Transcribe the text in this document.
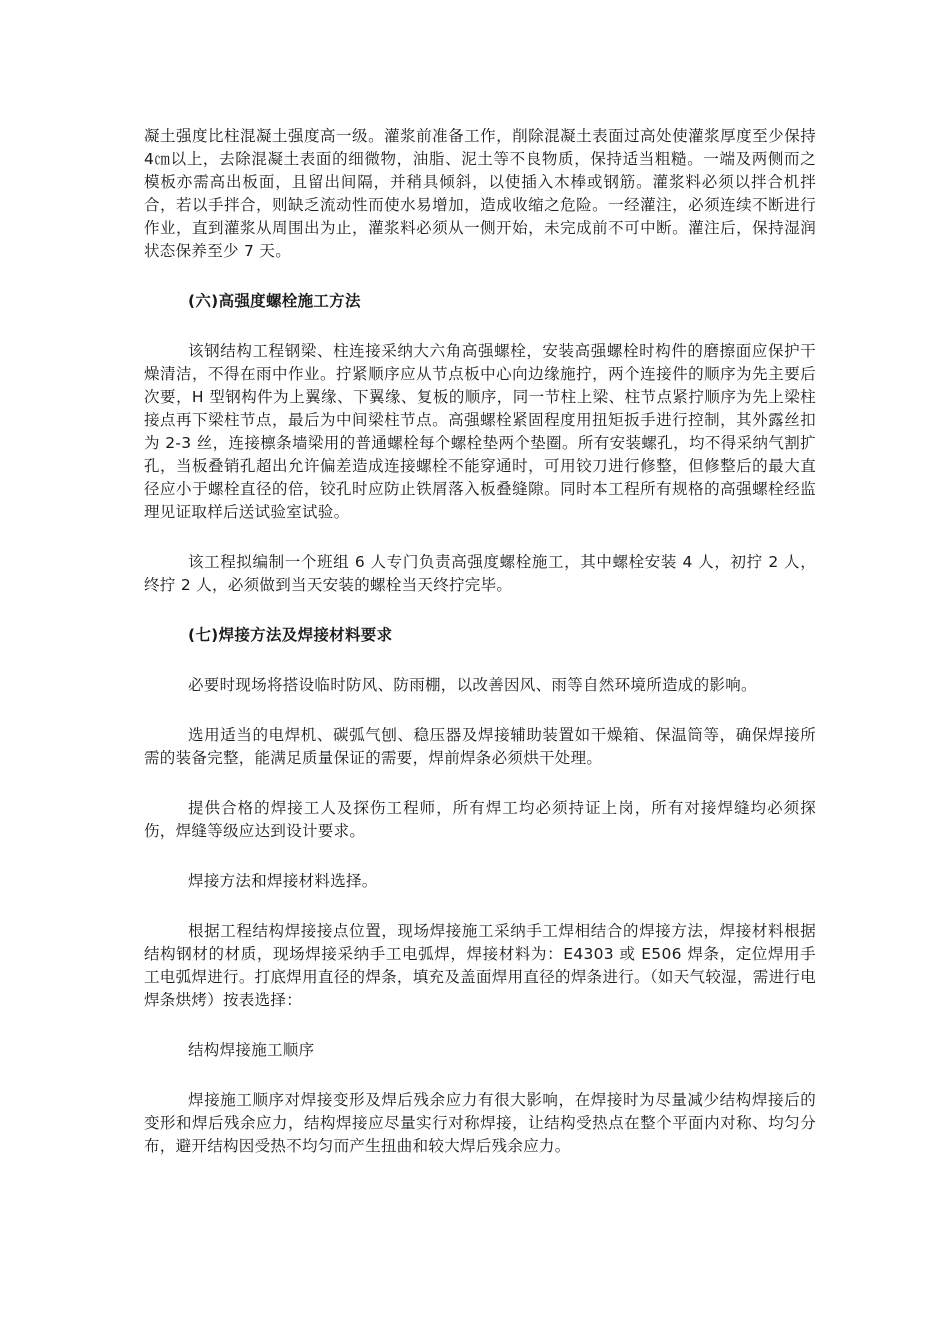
凝土强度比柱混凝土强度高一级。灌浆前准备工作，削除混凝土表面过高处使灌浆厚度至少保持 4㎝以上，去除混凝土表面的细微物，油脂、泥土等不良物质，保持适当粗糙。一端及两侧而之模板亦需高出板面，且留出间隔，并稍具倾斜，以使插入木棒或钢筋。灌浆料必须以拌合机拌合，若以手拌合，则缺乏流动性而使水易增加，造成收缩之危险。一经灌注，必须连续不断进行作业，直到灌浆从周围出为止，灌浆料必须从一侧开始，未完成前不可中断。灌注后，保持湿润状态保养至少 7 天。

(六)高强度螺栓施工方法

该钢结构工程钢梁、柱连接采纳大六角高强螺栓，安装高强螺栓时构件的磨擦面应保护干燥清洁，不得在雨中作业。拧紧顺序应从节点板中心向边缘施拧，两个连接件的顺序为先主要后次要，H 型钢构件为上翼缘、下翼缘、复板的顺序，同一节柱上梁、柱节点紧拧顺序为先上梁柱接点再下梁柱节点，最后为中间梁柱节点。高强螺栓紧固程度用扭矩扳手进行控制，其外露丝扣为 2-3 丝，连接檩条墙梁用的普通螺栓每个螺栓垫两个垫圈。所有安装螺孔，均不得采纳气割扩孔，当板叠销孔超出允许偏差造成连接螺栓不能穿通时，可用铰刀进行修整，但修整后的最大直径应小于螺栓直径的倍，铰孔时应防止铁屑落入板叠缝隙。同时本工程所有规格的高强螺栓经监理见证取样后送试验室试验。

该工程拟编制一个班组 6 人专门负责高强度螺栓施工，其中螺栓安装 4 人，初拧 2 人，终拧 2 人，必须做到当天安装的螺栓当天终拧完毕。

(七)焊接方法及焊接材料要求

必要时现场将搭设临时防风、防雨棚，以改善因风、雨等自然环境所造成的影响。

选用适当的电焊机、碳弧气刨、稳压器及焊接辅助装置如干燥箱、保温筒等，确保焊接所需的装备完整，能满足质量保证的需要，焊前焊条必须烘干处理。

提供合格的焊接工人及探伤工程师，所有焊工均必须持证上岗，所有对接焊缝均必须探伤，焊缝等级应达到设计要求。

焊接方法和焊接材料选择。

根据工程结构焊接接点位置，现场焊接施工采纳手工焊相结合的焊接方法，焊接材料根据结构钢材的材质，现场焊接采纳手工电弧焊，焊接材料为：E4303 或 E506 焊条，定位焊用手工电弧焊进行。打底焊用直径的焊条，填充及盖面焊用直径的焊条进行。（如天气较湿，需进行电焊条烘烤）按表选择：

结构焊接施工顺序

焊接施工顺序对焊接变形及焊后残余应力有很大影响，在焊接时为尽量减少结构焊接后的变形和焊后残余应力，结构焊接应尽量实行对称焊接，让结构受热点在整个平面内对称、均匀分布，避开结构因受热不均匀而产生扭曲和较大焊后残余应力。
